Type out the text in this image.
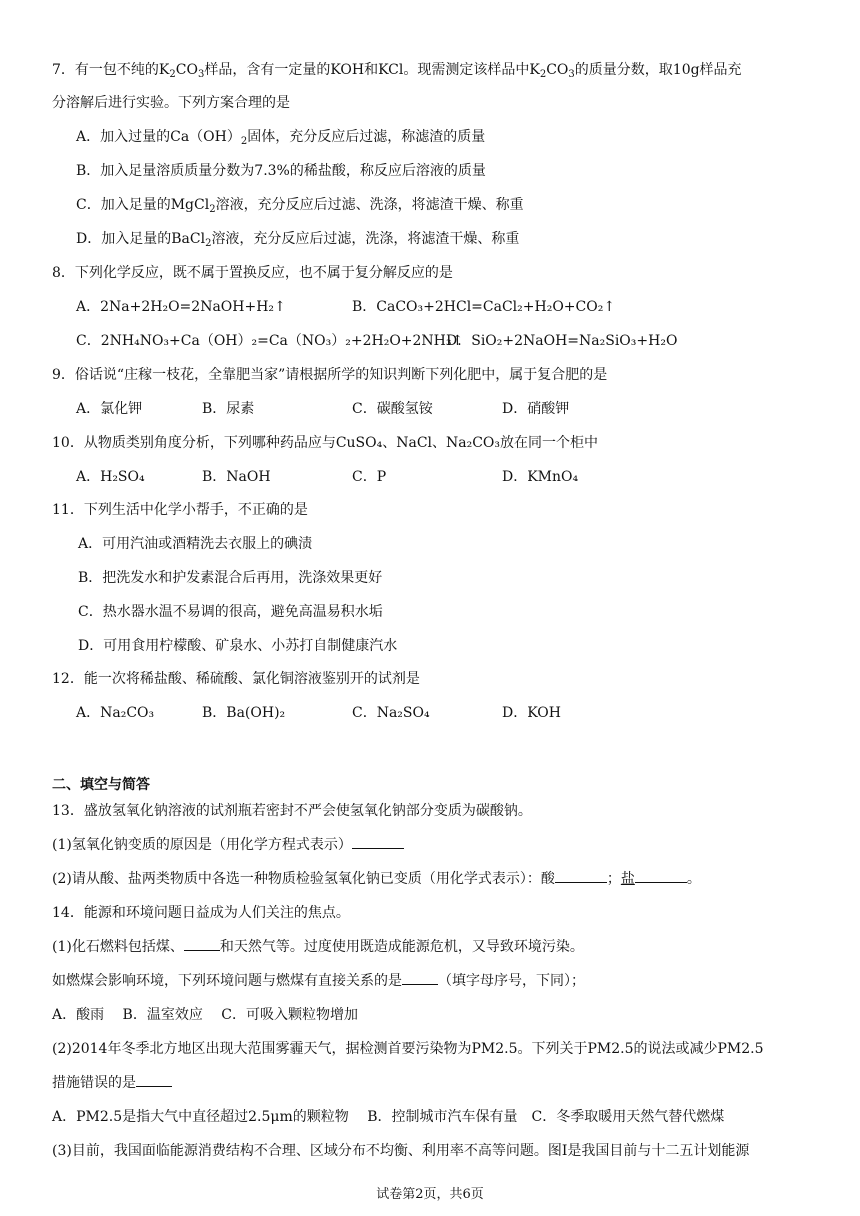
7．有一包不纯的$K_2CO_3$样品，含有一定量的KOH和KCl。现需测定该样品中$K_2CO_3$的质量分数，取10g样品充
分溶解后进行实验。下列方案合理的是
A．加入过量的$Ca(OH)_2$固体，充分反应后过滤，称滤渣的质量
B．加入足量溶质质量分数为7.3%的稀盐酸，称反应后溶液的质量
C．加入足量的MgCl$_2$溶液，充分反应后过滤、洗涤，将滤渣干燥、称重
D．加入足量的BaCl$_2$溶液，充分反应后过滤，洗涤，将滤渣干燥、称重
8．下列化学反应，既不属于置换反应，也不属于复分解反应的是
A．2Na+2H₂O=2NaOH+H₂↑	B．CaCO₃+2HCl=CaCl₂+H₂O+CO₂↑
C．2NH₄NO₃+Ca（OH）₂=Ca（NO₃）₂+2H₂O+2NH₃↑
D．SiO₂+2NaOH=Na₂SiO₃+H₂O
9．俗话说“庄稼一枝花，全靠肥当家”请根据所学的知识判断下列化肥中，属于复合肥的是
A．氯化钾	B．尿素	C．碳酸氢铵	D．硝酸钾
10．从物质类别角度分析，下列哪种药品应与CuSO₄、NaCl、Na₂CO₃放在同一个柜中
A．H₂SO₄	B．NaOH	C．P	D．KMnO₄
11．下列生活中化学小帮手，不正确的是
A．可用汽油或酒精洗去衣服上的碘渍
B．把洗发水和护发素混合后再用，洗涤效果更好
C．热水器水温不易调的很高，避免高温易积水垢
D．可用食用柠檬酸、矿泉水、小苏打自制健康汽水
12．能一次将稀盐酸、稀硫酸、氯化铜溶液鉴别开的试剂是
A．Na₂CO₃	B．Ba(OH)₂	C．Na₂SO₄	D．KOH
二、填空与简答
13．盛放氢氧化钠溶液的试剂瓶若密封不严会使氢氧化钠部分变质为碳酸钠。
(1)氢氧化钠变质的原因是（用化学方程式表示）
(2)请从酸、盐两类物质中各选一种物质检验氢氧化钠已变质（用化学式表示）：酸	；盐	。
14．能源和环境问题日益成为人们关注的焦点。
(1)化石燃料包括煤、	和天然气等。过度使用既造成能源危机，又导致环境污染。
如燃煤会影响环境，下列环境问题与燃煤有直接关系的是	（填字母序号，下同）；
A．酸雨　 B．温室效应　 C．可吸入颗粒物增加
(2)2014年冬季北方地区出现大范围雾霾天气，据检测首要污染物为PM2.5。下列关于PM2.5的说法或减少PM2.5
措施错误的是
A．PM2.5是指大气中直径超过2.5μm的颗粒物　 B．控制城市汽车保有量　C．冬季取暖用天然气替代燃煤
(3)目前，我国面临能源消费结构不合理、区域分布不均衡、利用率不高等问题。图Ⅰ是我国目前与十二五计划能源
试卷第2页，共6页
